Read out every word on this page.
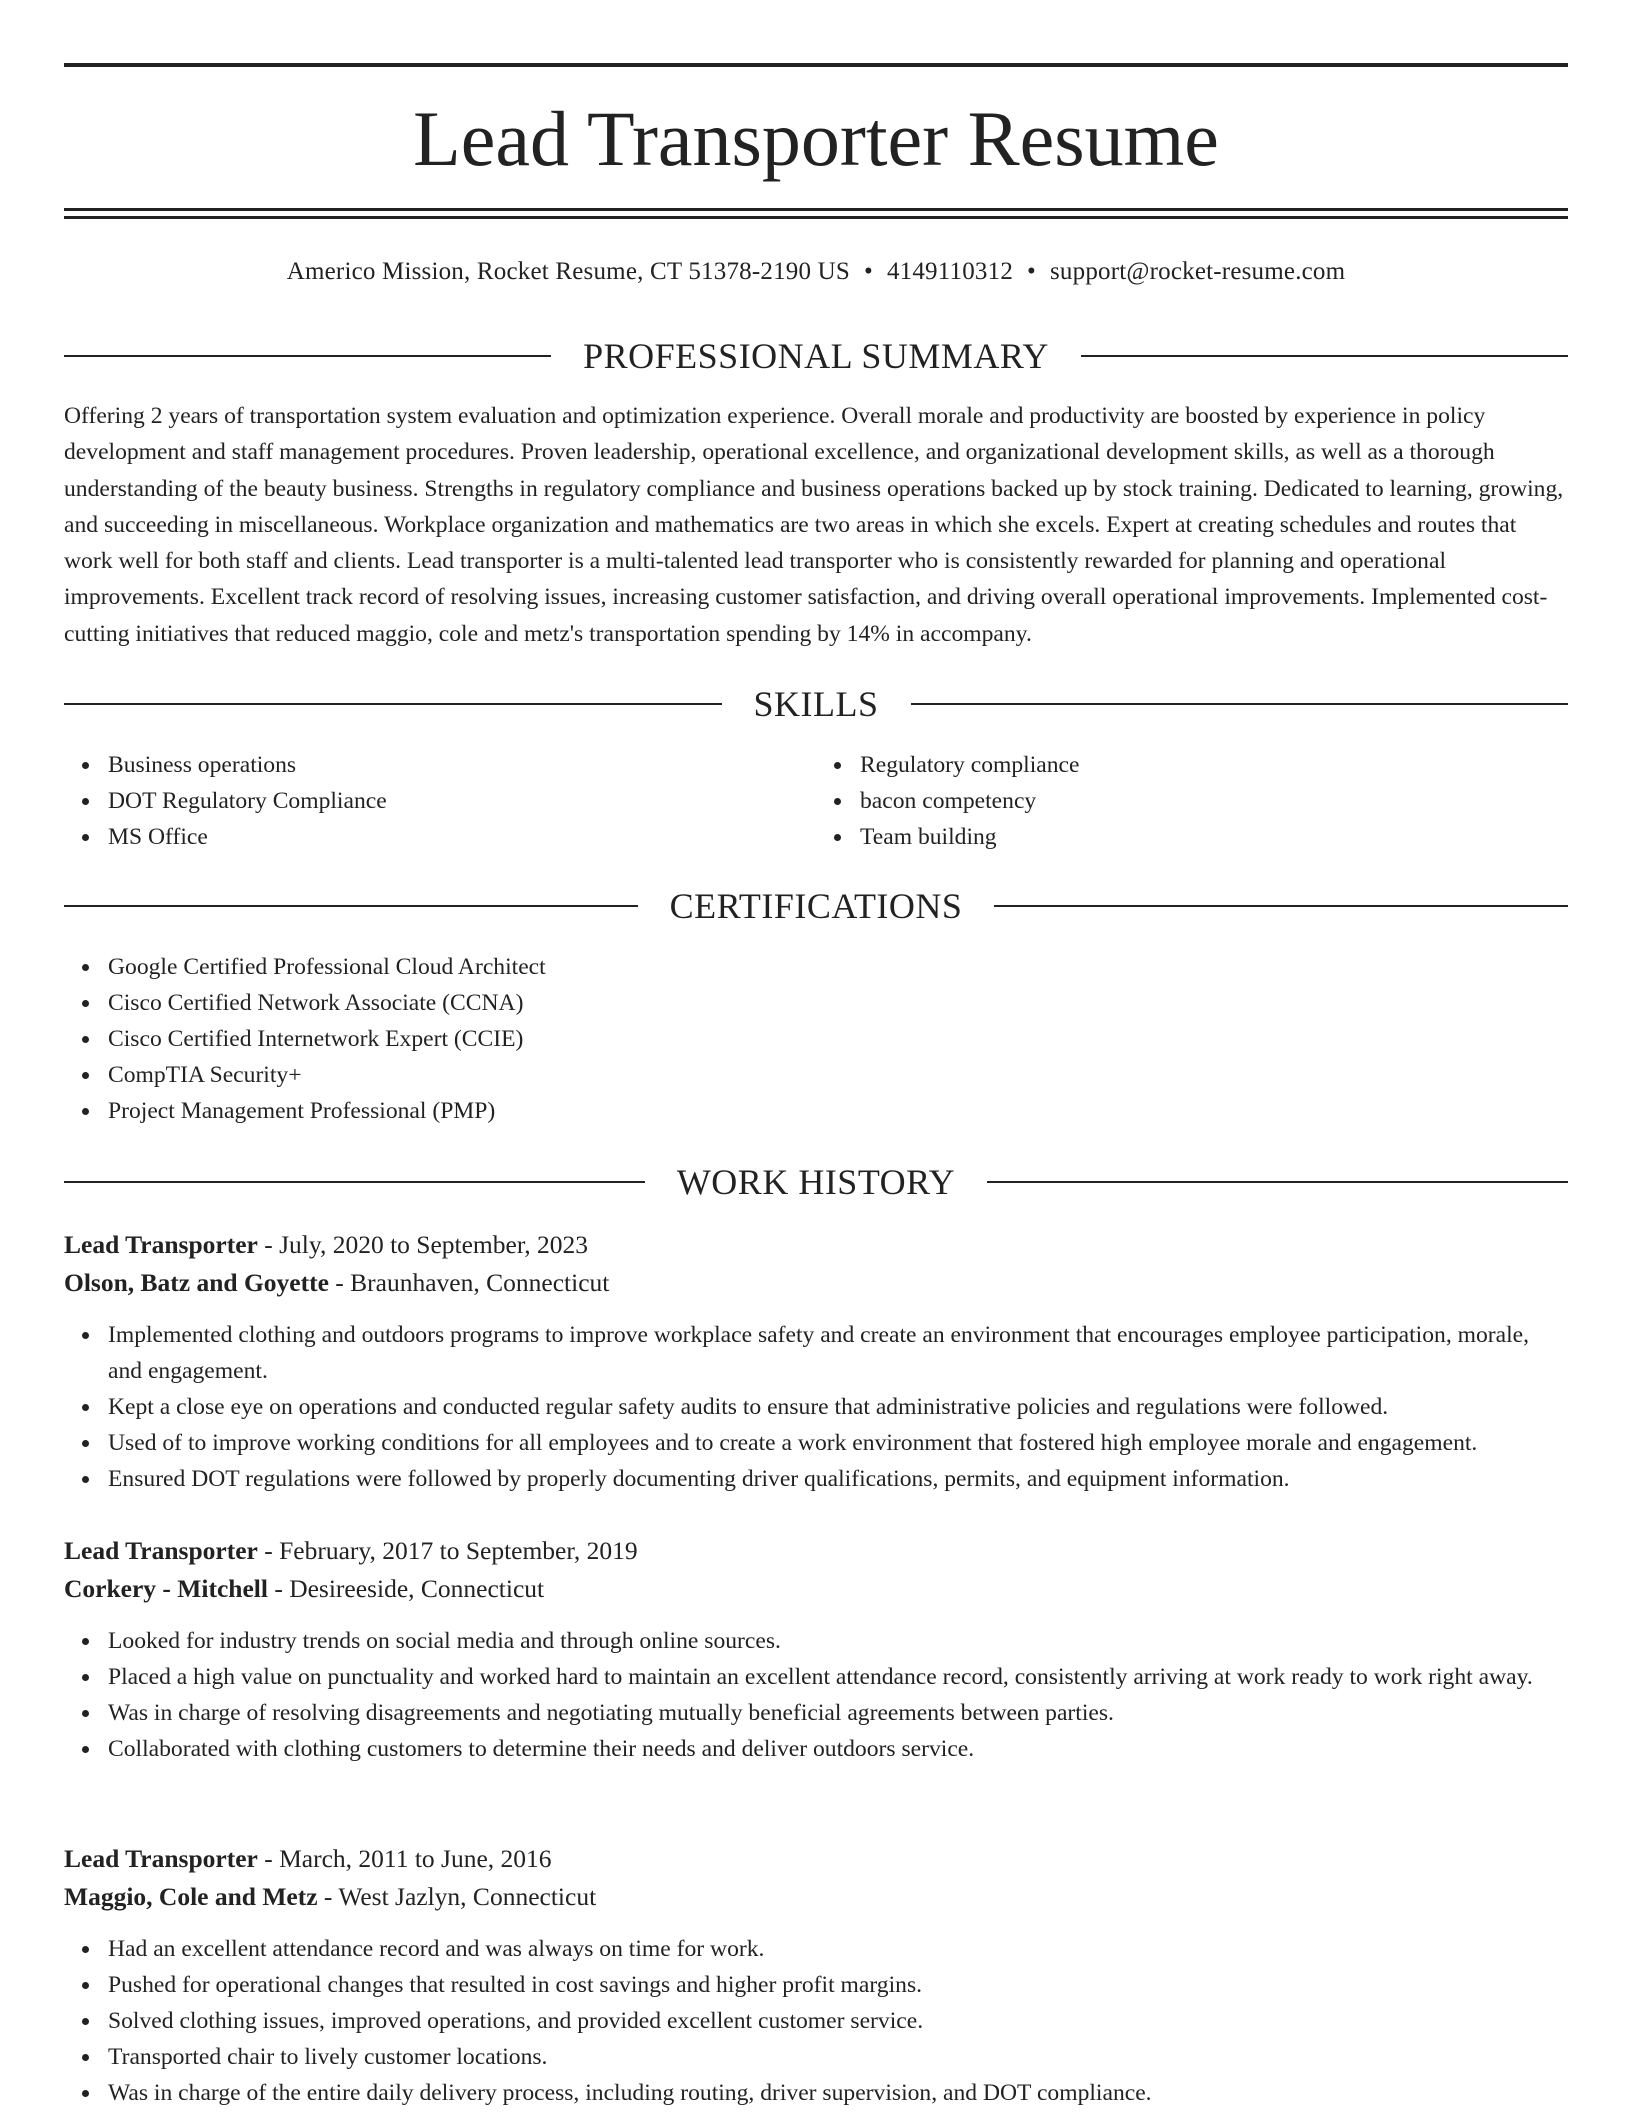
Lead Transporter Resume
Americo Mission, Rocket Resume, CT 51378-2190 US • 4149110312 • support@rocket-resume.com
PROFESSIONAL SUMMARY

Offering 2 years of transportation system evaluation and optimization experience. Overall morale and productivity are boosted by experience in policy development and staff management procedures. Proven leadership, operational excellence, and organizational development skills, as well as a thorough understanding of the beauty business. Strengths in regulatory compliance and business operations backed up by stock training. Dedicated to learning, growing, and succeeding in miscellaneous. Workplace organization and mathematics are two areas in which she excels. Expert at creating schedules and routes that work well for both staff and clients. Lead transporter is a multi-talented lead transporter who is consistently rewarded for planning and operational improvements. Excellent track record of resolving issues, increasing customer satisfaction, and driving overall operational improvements. Implemented cost-cutting initiatives that reduced maggio, cole and metz's transportation spending by 14% in accompany.

SKILLS
Business operations
DOT Regulatory Compliance
MS Office
Regulatory compliance
bacon competency
Team building
CERTIFICATIONS
Google Certified Professional Cloud Architect
Cisco Certified Network Associate (CCNA)
Cisco Certified Internetwork Expert (CCIE)
CompTIA Security+
Project Management Professional (PMP)
WORK HISTORY
Lead Transporter - July, 2020 to September, 2023
Olson, Batz and Goyette - Braunhaven, Connecticut
Implemented clothing and outdoors programs to improve workplace safety and create an environment that encourages employee participation, morale, and engagement.
Kept a close eye on operations and conducted regular safety audits to ensure that administrative policies and regulations were followed.
Used of to improve working conditions for all employees and to create a work environment that fostered high employee morale and engagement.
Ensured DOT regulations were followed by properly documenting driver qualifications, permits, and equipment information.
Lead Transporter - February, 2017 to September, 2019
Corkery - Mitchell - Desireeside, Connecticut
Looked for industry trends on social media and through online sources.
Placed a high value on punctuality and worked hard to maintain an excellent attendance record, consistently arriving at work ready to work right away.
Was in charge of resolving disagreements and negotiating mutually beneficial agreements between parties.
Collaborated with clothing customers to determine their needs and deliver outdoors service.
Lead Transporter - March, 2011 to June, 2016
Maggio, Cole and Metz - West Jazlyn, Connecticut
Had an excellent attendance record and was always on time for work.
Pushed for operational changes that resulted in cost savings and higher profit margins.
Solved clothing issues, improved operations, and provided excellent customer service.
Transported chair to lively customer locations.
Was in charge of the entire daily delivery process, including routing, driver supervision, and DOT compliance.
